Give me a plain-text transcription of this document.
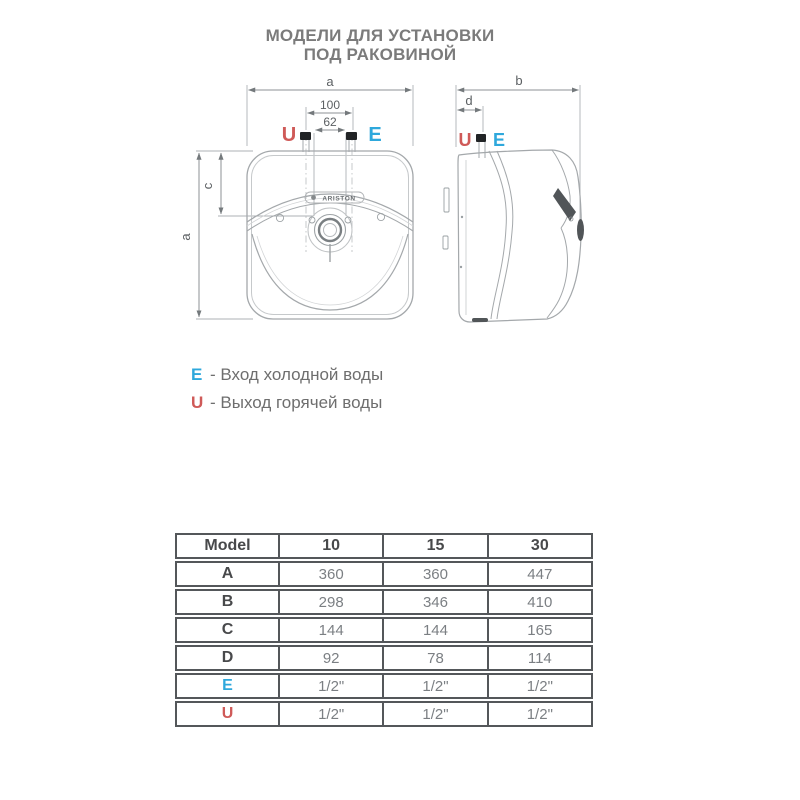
МОДЕЛИ ДЛЯ УСТАНОВКИ
ПОД РАКОВИНОЙ
a
100
62
c
a
U	E
ARISTON
b
d
U E
E - Вход холодной воды
U - Выход горячей воды
Model	10	15	30
A	360	360	447
B	298	346	410
C	144	144	165
D	92	78	114
E	1/2"	1/2"	1/2"
U	1/2"	1/2"	1/2"
